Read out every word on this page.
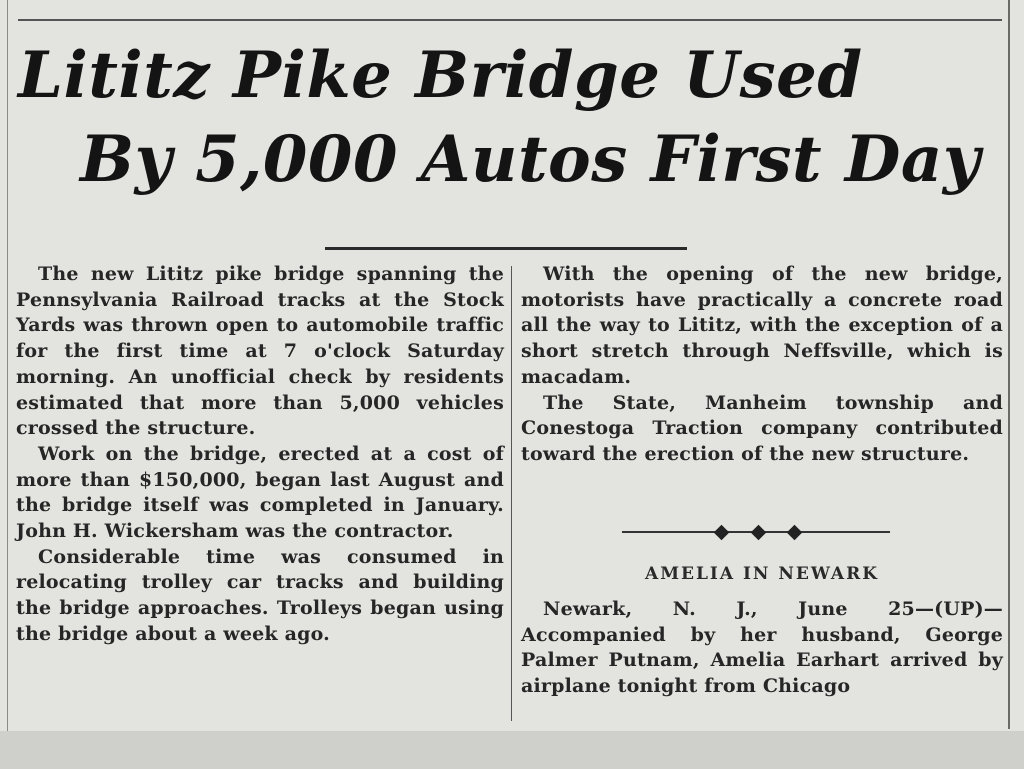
Lititz Pike Bridge Used
By 5,000 Autos First Day

The new Lititz pike bridge spanning the Pennsylvania Railroad tracks at the Stock Yards was thrown open to automobile traffic for the first time at 7 o'clock Saturday morning. An unofficial check by residents estimated that more than 5,000 vehicles crossed the structure.

Work on the bridge, erected at a cost of more than $150,000, began last August and the bridge itself was completed in January. John H. Wickersham was the contractor.

Considerable time was consumed in relocating trolley car tracks and building the bridge approaches. Trolleys began using the bridge about a week ago.

With the opening of the new bridge, motorists have practically a concrete road all the way to Lititz, with the exception of a short stretch through Neffsville, which is macadam.

The State, Manheim township and Conestoga Traction company contributed toward the erection of the new structure.

AMELIA IN NEWARK

Newark, N. J., June 25—(UP)—Accompanied by her husband, George Palmer Putnam, Amelia Earhart arrived by airplane tonight from Chicago
